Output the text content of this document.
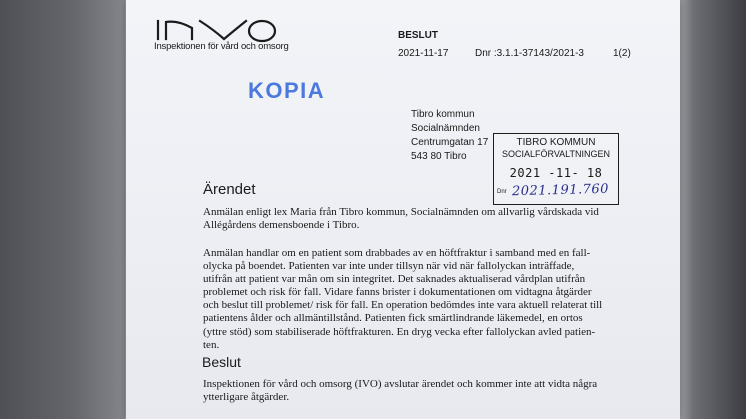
Inspektionen för vård och omsorg
BESLUT
2021-11-17	Dnr :3.1.1-37143/2021-3	1(2)
KOPIA
Tibro kommun
Socialnämnden
Centrumgatan 17
543 80 Tibro
TIBRO KOMMUN
SOCIALFÖRVALTNINGEN
2021 -11- 18
Dnr 2021.191.760
Ärendet

Anmälan enligt lex Maria från Tibro kommun, Socialnämnden om allvarlig vårdskada vid
Allégårdens demensboende i Tibro.

Anmälan handlar om en patient som drabbades av en höftfraktur i samband med en fall-
olycka på boendet. Patienten var inte under tillsyn när vid när fallolyckan inträffade,
utifrån att patient var mån om sin integritet. Det saknades aktualiserad vårdplan utifrån
problemet och risk för fall. Vidare fanns brister i dokumentationen om vidtagna åtgärder
och beslut till problemet/ risk för fall. En operation bedömdes inte vara aktuell relaterat till
patientens ålder och allmäntillstånd. Patienten fick smärtlindrande läkemedel, en ortos
(yttre stöd) som stabiliserade höftfrakturen. En dryg vecka efter fallolyckan avled patien-
ten.

Beslut

Inspektionen för vård och omsorg (IVO) avslutar ärendet och kommer inte att vidta några
ytterligare åtgärder.
